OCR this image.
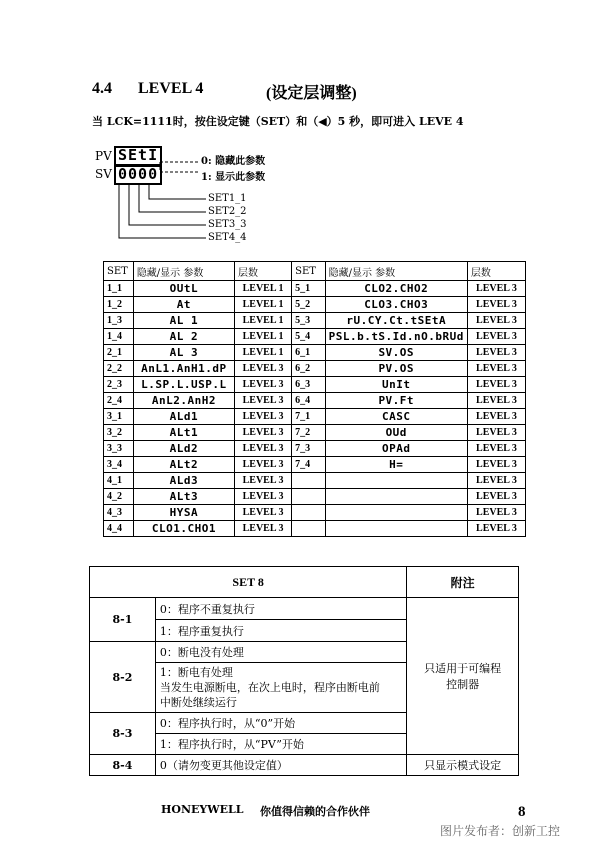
4.4 LEVEL 4	(设定层调整)
当 LCK=1111时，按住设定键（SET）和（◀）5 秒，即可进入 LEVE 4
PV
SV
SEtI
0000
0: 隐藏此参数
1: 显示此参数
SET1_1
SET2_2
SET3_3
SET4_4
SET	隐藏/显示 参数	层数	SET	隐藏/显示 参数	层数
1_1	OUtL	LEVEL 1	5_1	CLO2.CHO2	LEVEL 3
1_2	At	LEVEL 1	5_2	CLO3.CHO3	LEVEL 3
1_3	AL 1	LEVEL 1	5_3	rU.CY.Ct.tSEtA	LEVEL 3
1_4	AL 2	LEVEL 1	5_4	PSL.b.tS.Id.nO.bRUd	LEVEL 3
2_1	AL 3	LEVEL 1	6_1	SV.OS	LEVEL 3
2_2	AnL1.AnH1.dP	LEVEL 3	6_2	PV.OS	LEVEL 3
2_3	L.SP.L.USP.L	LEVEL 3	6_3	UnIt	LEVEL 3
2_4	AnL2.AnH2	LEVEL 3	6_4	PV.Ft	LEVEL 3
3_1	ALd1	LEVEL 3	7_1	CASC	LEVEL 3
3_2	ALt1	LEVEL 3	7_2	OUd	LEVEL 3
3_3	ALd2	LEVEL 3	7_3	OPAd	LEVEL 3
3_4	ALt2	LEVEL 3	7_4	H=	LEVEL 3
4_1	ALd3	LEVEL 3			LEVEL 3
4_2	ALt3	LEVEL 3			LEVEL 3
4_3	HYSA	LEVEL 3			LEVEL 3
4_4	CLO1.CHO1	LEVEL 3			LEVEL 3
SET 8		附注
8-1	0：程序不重复执行	只适用于可编程
控制器

	1：程序重复执行	
8-2	0：断电没有处理	

	1：断电有处理
当发生电源断电，在次上电时，程序由断电前
中断处继续运行	

8-3	0：程序执行时，从“0”开始	
	1：程序执行时，从“PV”开始	
8-4	0（请勿变更其他设定值）	只显示模式设定
HONEYWELL 你值得信赖的合作伙伴	8
图片发布者：创新工控
